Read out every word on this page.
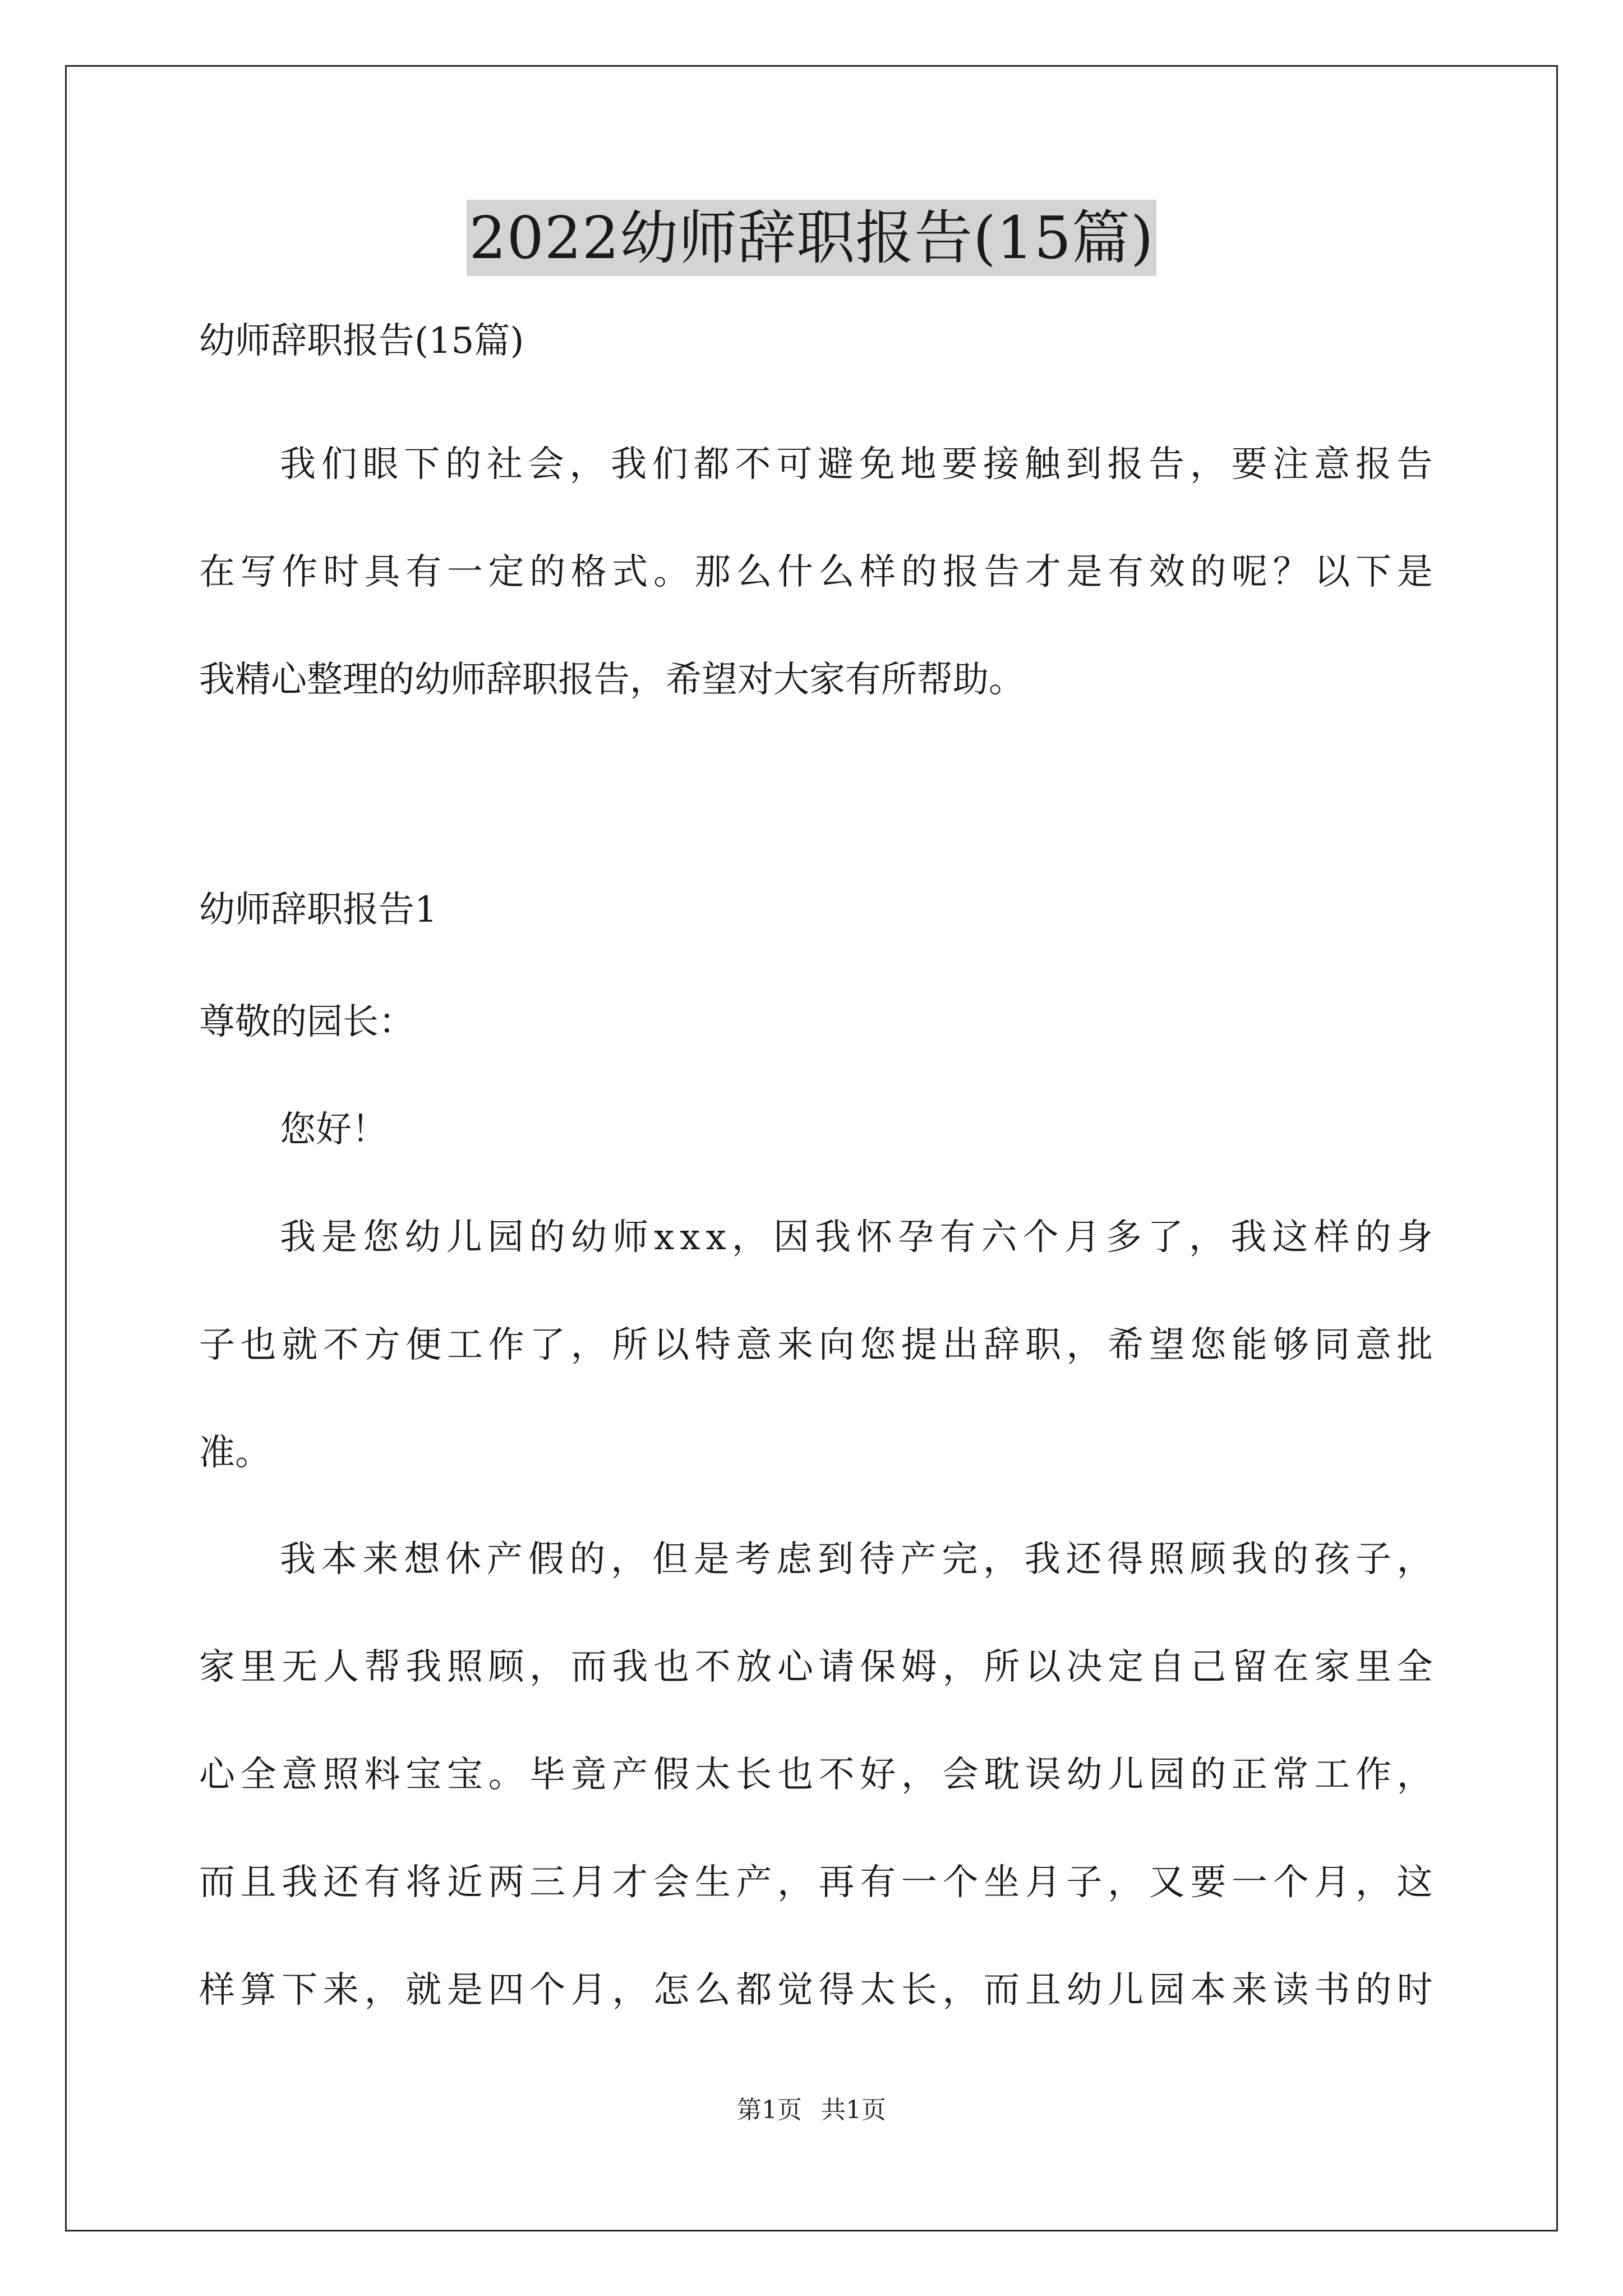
2022幼师辞职报告(15篇)
幼师辞职报告(15篇)
我 们 眼 下 的 社 会 ， 我 们 都 不 可 避 免 地 要 接 触 到 报 告 ， 要 注 意 报 告
在 写 作 时 具 有 一 定 的 格 式 。 那 么 什 么 样 的 报 告 才 是 有 效 的 呢 ？ 以 下 是
我精心整理的幼师辞职报告，希望对大家有所帮助。
幼师辞职报告1
尊敬的园长：
您好！
我 是 您 幼 儿 园 的 幼 师 x x x ， 因 我 怀 孕 有 六 个 月 多 了 ， 我 这 样 的 身
子 也 就 不 方 便 工 作 了 ， 所 以 特 意 来 向 您 提 出 辞 职 ， 希 望 您 能 够 同 意 批
准。
我 本 来 想 休 产 假 的 ， 但 是 考 虑 到 待 产 完 ， 我 还 得 照 顾 我 的 孩 子 ，
家 里 无 人 帮 我 照 顾 ， 而 我 也 不 放 心 请 保 姆 ， 所 以 决 定 自 己 留 在 家 里 全
心 全 意 照 料 宝 宝 。 毕 竟 产 假 太 长 也 不 好 ， 会 耽 误 幼 儿 园 的 正 常 工 作 ，
而 且 我 还 有 将 近 两 三 月 才 会 生 产 ， 再 有 一 个 坐 月 子 ， 又 要 一 个 月 ， 这
样 算 下 来 ， 就 是 四 个 月 ， 怎 么 都 觉 得 太 长 ， 而 且 幼 儿 园 本 来 读 书 的 时
第1页 共1页
